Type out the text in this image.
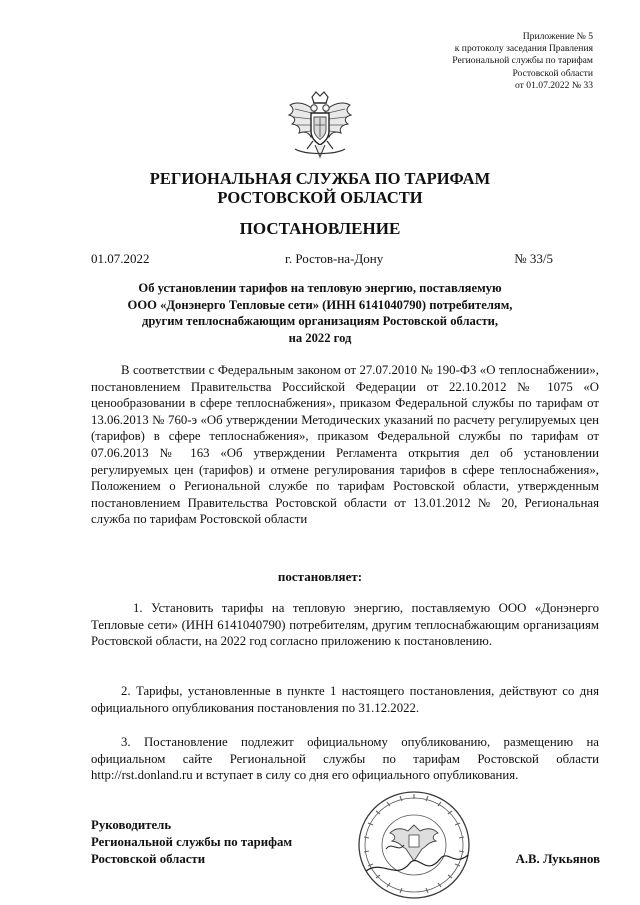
Приложение № 5
к протоколу заседания Правления
Региональной службы по тарифам
Ростовской области
от 01.07.2022 № 33
РЕГИОНАЛЬНАЯ СЛУЖБА ПО ТАРИФАМ
РОСТОВСКОЙ ОБЛАСТИ
ПОСТАНОВЛЕНИЕ
01.07.2022	г. Ростов-на-Дону	№ 33/5
Об установлении тарифов на тепловую энергию, поставляемую
ООО «Донэнерго Тепловые сети» (ИНН 6141040790) потребителям,
другим теплоснабжающим организациям Ростовской области,
на 2022 год

В соответствии с Федеральным законом от 27.07.2010 № 190-ФЗ «О теплоснабжении», постановлением Правительства Российской Федерации от 22.10.2012 № 1075 «О ценообразовании в сфере теплоснабжения», приказом Федеральной службы по тарифам от 13.06.2013 № 760-э «Об утверждении Методических указаний по расчету регулируемых цен (тарифов) в сфере теплоснабжения», приказом Федеральной службы по тарифам от 07.06.2013 № 163 «Об утверждении Регламента открытия дел об установлении регулируемых цен (тарифов) и отмене регулирования тарифов в сфере теплоснабжения», Положением о Региональной службе по тарифам Ростовской области, утвержденным постановлением Правительства Ростовской области от 13.01.2012 № 20, Региональная служба по тарифам Ростовской области

постановляет:

1. Установить тарифы на тепловую энергию, поставляемую ООО «Донэнерго Тепловые сети» (ИНН 6141040790) потребителям, другим теплоснабжающим организациям Ростовской области, на 2022 год согласно приложению к постановлению.

2. Тарифы, установленные в пункте 1 настоящего постановления, действуют со дня официального опубликования постановления по 31.12.2022.

3. Постановление подлежит официальному опубликованию, размещению на официальном сайте Региональной службы по тарифам Ростовской области http://rst.donland.ru и вступает в силу со дня его официального опубликования.

Руководитель
Региональной службы по тарифам
Ростовской области	А.В. Лукьянов
